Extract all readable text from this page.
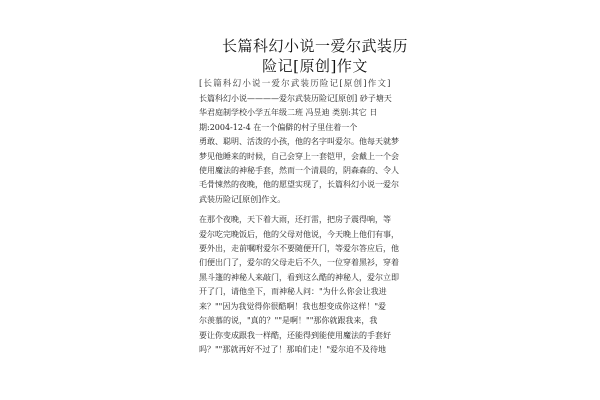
长篇科幻小说一爱尔武装历
险记[原创]作文
[长篇科幻小说一爱尔武装历险记[原创]作文]
长篇科幻小说————爱尔武装历险记[原创] 砂子塘天
华君庭制学校小学五年级二班 冯昱迪 类别:其它 日
期:2004-12-4 在一个偏僻的村子里住着一个
勇敢、聪明、活泼的小孩，他的名字叫爱尔。他每天就梦
梦见他睡来的时候，自己会穿上一套铠甲，会戴上一个会
使用魔法的神秘手套，然而一个清晨的，阴森森的、令人
毛骨悚然的夜晚，他的愿望实现了，长篇科幻小说一爱尔
武装历险记[原创]作文。
在那个夜晚，天下着大雨，还打雷，把房子震得响，等
爱尔吃完晚饭后，他的父母对他说，今天晚上他们有事，
要外出，走前嘱咐爱尔不要随便开门，等爱尔答应后，他
们便出门了，爱尔的父母走后不久，一位穿着黑衫，穿着
黑斗篷的神秘人来敲门，看到这么酷的神秘人，爱尔立即
开了门，请他坐下，而神秘人问："为什么你会让我进
来？""因为我觉得你很酷啊！我也想变成你这样！"爱
尔羡慕的说，"真的？""是啊！""那你就跟我来，我
要让你变成跟我一样酷，还能得到能使用魔法的手套好
吗？""那就再好不过了！那咱们走！"爱尔迫不及待地
